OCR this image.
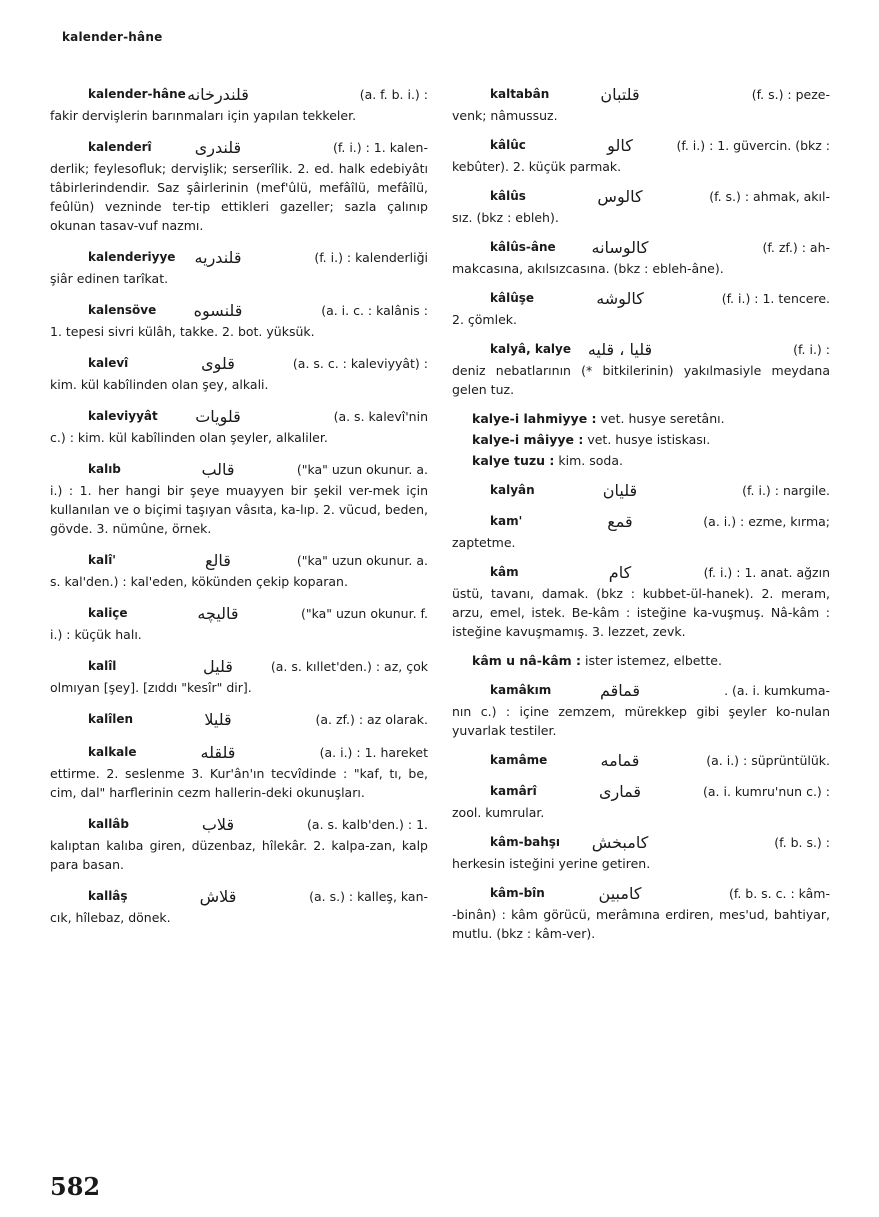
kalender-hâne
kalender-hâne قلندرخانه	(a. f. b. i.) :
fakir dervişlerin barınmaları için yapılan tekkeler.
kalenderî	قلندری	(f. i.) : 1. kalen-
derlik; feylesofluk; dervişlik; serserîlik. 2. ed. halk edebiyâtı tâbirlerindendir. Saz şâirlerinin (mef'ûlü, mefâîlü, mefâîlü, feûlün) vezninde ter-tip ettikleri gazeller; sazla çalınıp okunan tasav-vuf nazmı.
kalenderiyye	قلندریه	(f. i.) : kalenderliği
şiâr edinen tarîkat.
kalensöve	قلنسوه	(a. i. c. : kalânis :
1. tepesi sivri külâh, takke. 2. bot. yüksük.
kalevî	قلوی	(a. s. c. : kaleviyyât) :
kim. kül kabîlinden olan şey, alkali.
kaleviyyât	قلويات	(a. s. kalevî'nin
c.) : kim. kül kabîlinden olan şeyler, alkaliler.
kalıb	قالب	("ka" uzun okunur. a.
i.) : 1. her hangi bir şeye muayyen bir şekil ver-mek için kullanılan ve o biçimi taşıyan vâsıta, ka-lıp. 2. vücud, beden, gövde. 3. nümûne, örnek.
kalî'	قالع	("ka" uzun okunur. a.
s. kal'den.) : kal'eden, kökünden çekip koparan.
kaliçe	قالیچه	("ka" uzun okunur. f.
i.) : küçük halı.
kalîl	قلیل	(a. s. kıllet'den.) : az, çok
olmıyan [şey]. [zıddı "kesîr" dir].
kalîlen	قلیلا	(a. zf.) : az olarak.
kalkale	قلقله	(a. i.) : 1. hareket
ettirme. 2. seslenme 3. Kur'ân'ın tecvîdinde : "kaf, tı, be, cim, dal" harflerinin cezm hallerin-deki okunuşları.
kallâb	قلاب	(a. s. kalb'den.) : 1.
kalıptan kalıba giren, düzenbaz, hîlekâr. 2. kalpa-zan, kalp para basan.
kallâş	قلاش	(a. s.) : kalleş, kan-
cık, hîlebaz, dönek.
kaltabân	قلتبان	(f. s.) : peze-
venk; nâmussuz.
kâlûc	کالو	(f. i.) : 1. güvercin. (bkz :
kebûter). 2. küçük parmak.
kâlûs	کالوس	(f. s.) : ahmak, akıl-
sız. (bkz : ebleh).
kâlûs-âne	کالوسانه	(f. zf.) : ah-
makcasına, akılsızcasına. (bkz : ebleh-âne).
kâlûşe	کالوشه	(f. i.) : 1. tencere.
2. çömlek.
kalyâ, kalye	قلیا ، قلیه	(f. i.) :
deniz nebatlarının (* bitkilerinin) yakılmasiyle meydana gelen tuz.
kalye-i lahmiyye : vet. husye seretânı.
kalye-i mâiyye : vet. husye istiskası.
kalye tuzu : kim. soda.
kalyân	قلیان	(f. i.) : nargile.
kam'	قمع	(a. i.) : ezme, kırma;
zaptetme.
kâm	کام	(f. i.) : 1. anat. ağzın
üstü, tavanı, damak. (bkz : kubbet-ül-hanek). 2. meram, arzu, emel, istek. Be-kâm : isteğine ka-vuşmuş. Nâ-kâm : isteğine kavuşmamış. 3. lezzet, zevk.
kâm u nâ-kâm : ister istemez, elbette.
kamâkım	قماقم	. (a. i. kumkuma-
nın c.) : içine zemzem, mürekkep gibi şeyler ko-nulan yuvarlak testiler.
kamâme	قمامه	(a. i.) : süprüntülük.
kamârî	قماری	(a. i. kumru'nun c.) :
zool. kumrular.
kâm-bahşı	کامبخش	(f. b. s.) :
herkesin isteğini yerine getiren.
kâm-bîn	کامبین	(f. b. s. c. : kâm-
-binân) : kâm görücü, merâmına erdiren, mes'ud, bahtiyar, mutlu. (bkz : kâm-ver).
582
